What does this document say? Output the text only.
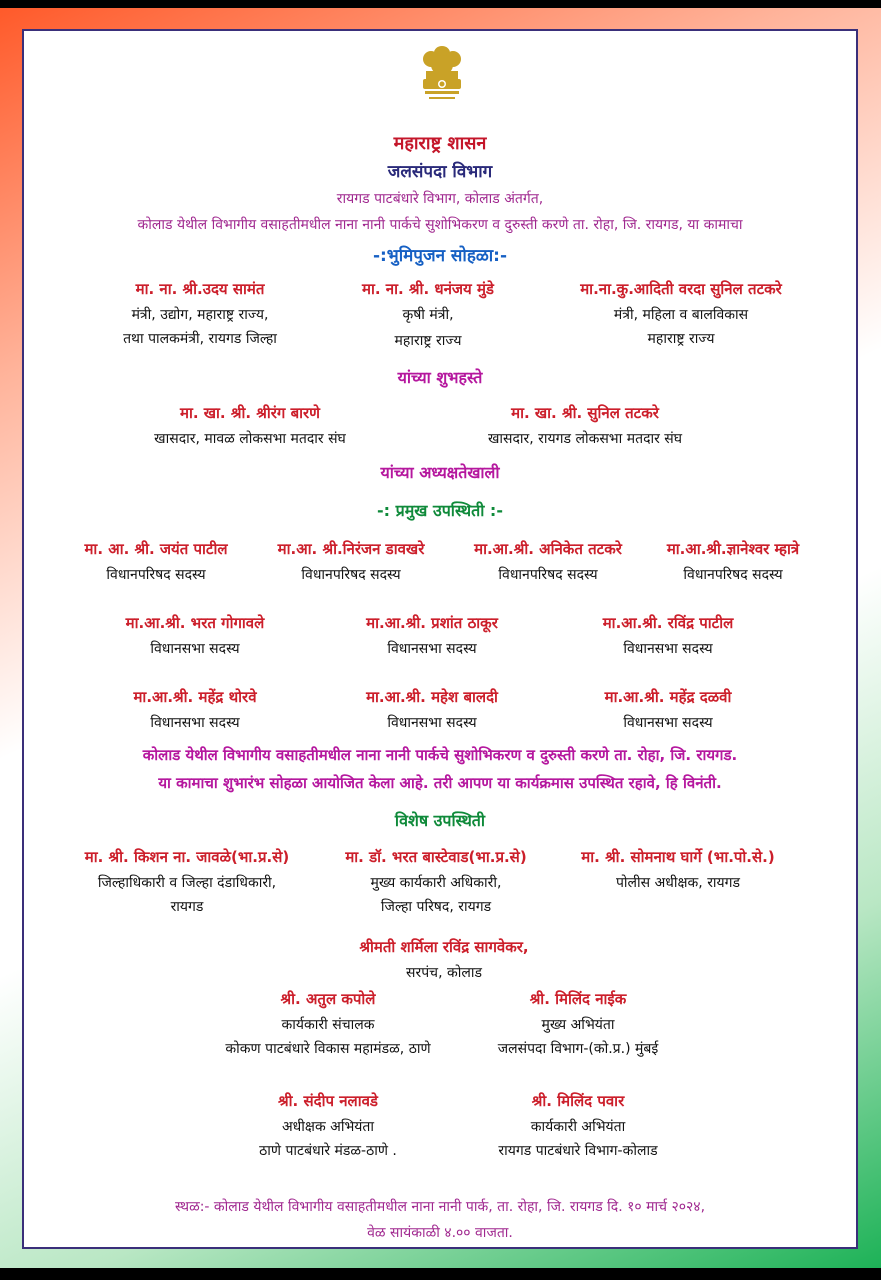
महाराष्ट्र शासन
जलसंपदा विभाग
रायगड पाटबंधारे विभाग, कोलाड अंतर्गत,
कोलाड येथील विभागीय वसाहतीमधील नाना नानी पार्कचे सुशोभिकरण व दुरुस्ती करणे ता. रोहा, जि. रायगड, या कामाचा
-:भुमिपुजन सोहळा:-
मा. ना. श्री.उदय सामंत
मंत्री, उद्योग, महाराष्ट्र राज्य,
तथा पालकमंत्री, रायगड जिल्हा
मा. ना. श्री. धनंजय मुंडे
कृषी मंत्री,
महाराष्ट्र राज्य
मा.ना.कु.आदिती वरदा सुनिल तटकरे
मंत्री, महिला व बालविकास
महाराष्ट्र राज्य
यांच्या शुभहस्ते
मा. खा. श्री. श्रीरंग बारणे
खासदार, मावळ लोकसभा मतदार संघ
मा. खा. श्री. सुनिल तटकरे
खासदार, रायगड लोकसभा मतदार संघ
यांच्या अध्यक्षतेखाली
-: प्रमुख उपस्थिती :-
मा. आ. श्री. जयंत पाटील
विधानपरिषद सदस्य
मा.आ. श्री.निरंजन डावखरे
विधानपरिषद सदस्य
मा.आ.श्री. अनिकेत तटकरे
विधानपरिषद सदस्य
मा.आ.श्री.ज्ञानेश्वर म्हात्रे
विधानपरिषद सदस्य
मा.आ.श्री. भरत गोगावले
विधानसभा सदस्य
मा.आ.श्री. प्रशांत ठाकूर
विधानसभा सदस्य
मा.आ.श्री. रविंद्र पाटील
विधानसभा सदस्य
मा.आ.श्री. महेंद्र थोरवे
विधानसभा सदस्य
मा.आ.श्री. महेश बालदी
विधानसभा सदस्य
मा.आ.श्री. महेंद्र दळवी
विधानसभा सदस्य
कोलाड येथील विभागीय वसाहतीमधील नाना नानी पार्कचे सुशोभिकरण व दुरुस्ती करणे ता. रोहा, जि. रायगड.
या कामाचा शुभारंभ सोहळा आयोजित केला आहे. तरी आपण या कार्यक्रमास उपस्थित रहावे, हि विनंती.
विशेष उपस्थिती
मा. श्री. किशन ना. जावळे(भा.प्र.से)
जिल्हाधिकारी व जिल्हा दंडाधिकारी,
रायगड
मा. डॉ. भरत बास्टेवाड(भा.प्र.से)
मुख्य कार्यकारी अधिकारी,
जिल्हा परिषद, रायगड
मा. श्री. सोमनाथ घार्गे (भा.पो.से.)
पोलीस अधीक्षक, रायगड
श्रीमती शर्मिला रविंद्र सागवेकर,
सरपंच, कोलाड
श्री. अतुल कपोले
कार्यकारी संचालक
कोकण पाटबंधारे विकास महामंडळ, ठाणे
श्री. मिलिंद नाईक
मुख्य अभियंता
जलसंपदा विभाग-(को.प्र.) मुंबई
श्री. संदीप नलावडे
अधीक्षक अभियंता
ठाणे पाटबंधारे मंडळ-ठाणे .
श्री. मिलिंद पवार
कार्यकारी अभियंता
रायगड पाटबंधारे विभाग-कोलाड
स्थळ:- कोलाड येथील विभागीय वसाहतीमधील नाना नानी पार्क, ता. रोहा, जि. रायगड दि. १० मार्च २०२४,
वेळ सायंकाळी ४.०० वाजता.
